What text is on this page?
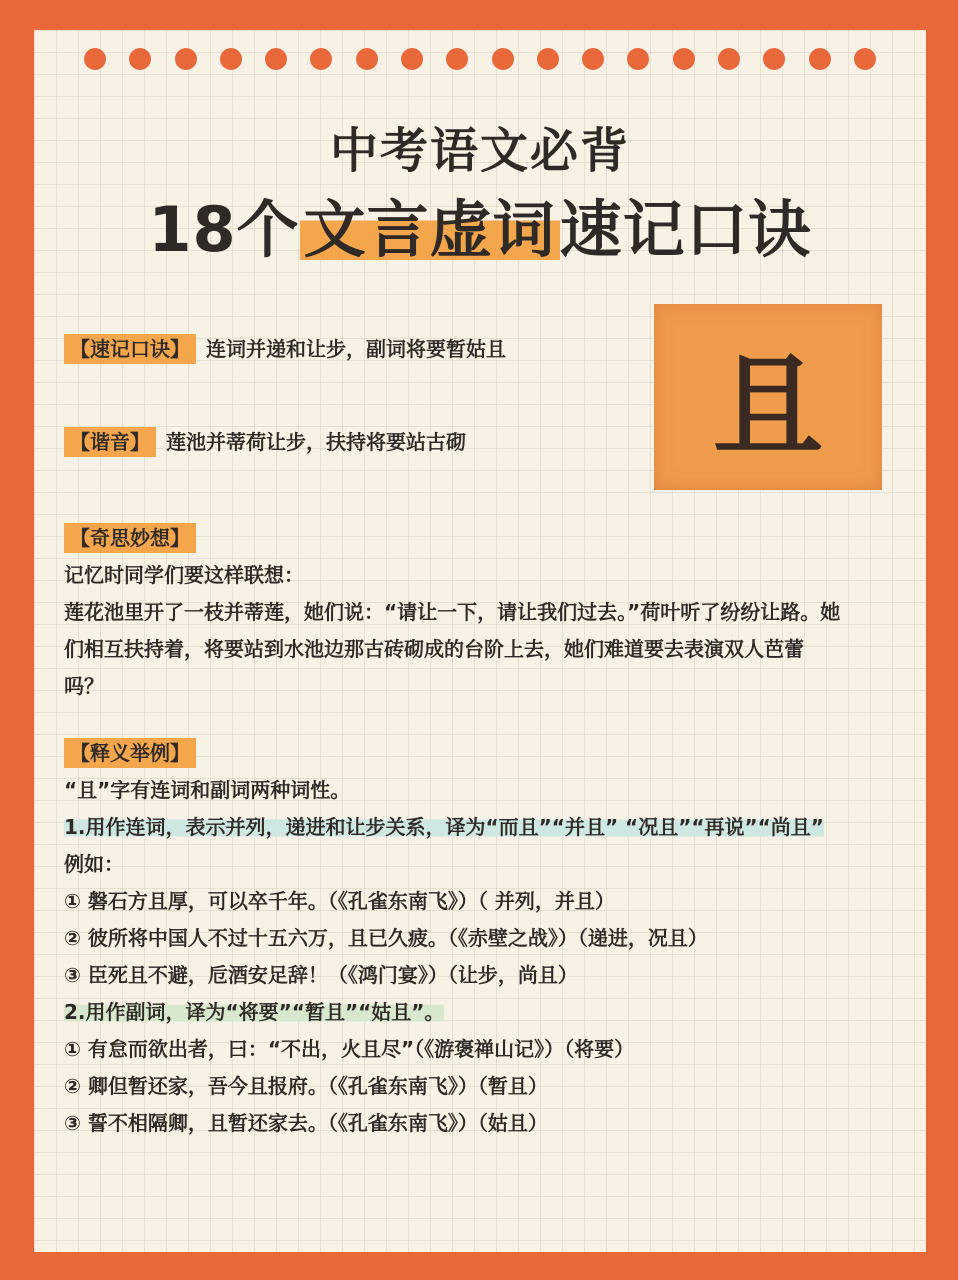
中考语文必背
18个文言虚词速记口诀
且
【速记口诀】 连词并递和让步，副词将要暂姑且
【谐音】 莲池并蒂荷让步，扶持将要站古砌
【奇思妙想】
记忆时同学们要这样联想：
莲花池里开了一枝并蒂莲，她们说：“请让一下，请让我们过去。”荷叶听了纷纷让路。她
们相互扶持着，将要站到水池边那古砖砌成的台阶上去，她们难道要去表演双人芭蕾
吗？
【释义举例】
“且”字有连词和副词两种词性。
1.用作连词，表示并列，递进和让步关系，译为“而且”“并且” “况且”“再说”“尚且”
例如：
① 磐石方且厚，可以卒千年。（《孔雀东南飞》）（ 并列，并且）
② 彼所将中国人不过十五六万，且已久疲。（《赤壁之战》）（递进，况且）
③ 臣死且不避，卮酒安足辞！（《鸿门宴》）（让步，尚且）
2.用作副词，译为“将要”“暂且”“姑且”。
① 有怠而欲出者，曰：“不出，火且尽”（《游褒禅山记》）（将要）
② 卿但暂还家，吾今且报府。（《孔雀东南飞》）（暂且）
③ 誓不相隔卿，且暂还家去。（《孔雀东南飞》）（姑且）
